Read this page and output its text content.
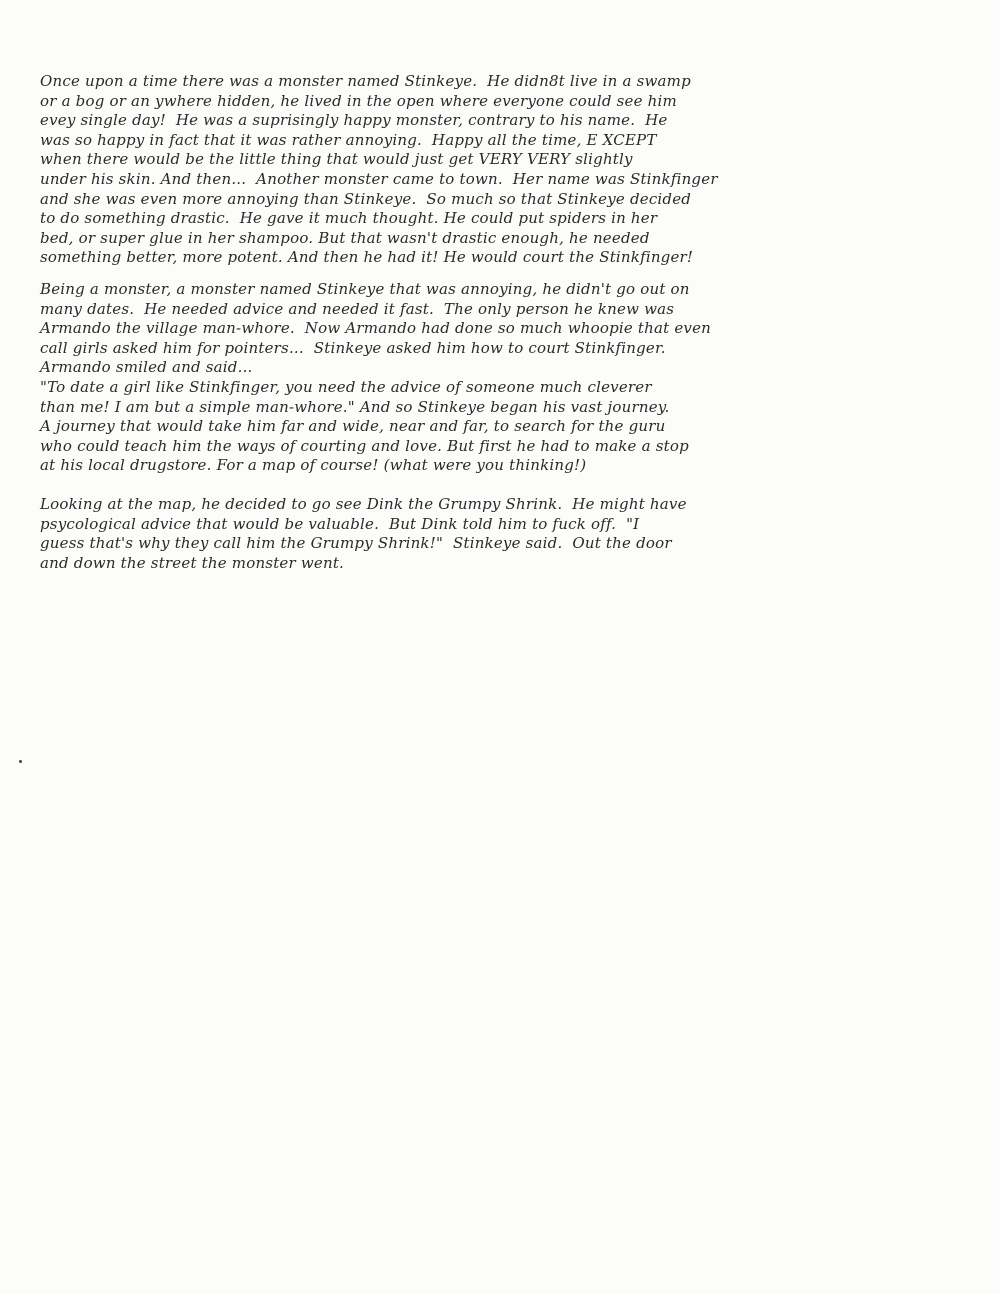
Once upon a time there was a monster named Stinkeye.  He didn8t live in a swamp
or a bog or an ywhere hidden, he lived in the open where everyone could see him
evey single day!  He was a suprisingly happy monster, contrary to his name.  He
was so happy in fact that it was rather annoying.  Happy all the time, E XCEPT
when there would be the little thing that would just get VERY VERY slightly
under his skin. And then...  Another monster came to town.  Her name was Stinkfinger
and she was even more annoying than Stinkeye.  So much so that Stinkeye decided
to do something drastic.  He gave it much thought. He could put spiders in her
bed, or super glue in her shampoo. But that wasn't drastic enough, he needed
something better, more potent. And then he had it! He would court the Stinkfinger!
Being a monster, a monster named Stinkeye that was annoying, he didn't go out on
many dates.  He needed advice and needed it fast.  The only person he knew was
Armando the village man-whore.  Now Armando had done so much whoopie that even
call girls asked him for pointers...  Stinkeye asked him how to court Stinkfinger.
Armando smiled and said...
"To date a girl like Stinkfinger, you need the advice of someone much cleverer
than me! I am but a simple man-whore." And so Stinkeye began his vast journey.
A journey that would take him far and wide, near and far, to search for the guru
who could teach him the ways of courting and love. But first he had to make a stop
at his local drugstore. For a map of course! (what were you thinking!)
Looking at the map, he decided to go see Dink the Grumpy Shrink.  He might have
psycological advice that would be valuable.  But Dink told him to fuck off.  "I
guess that's why they call him the Grumpy Shrink!"  Stinkeye said.  Out the door
and down the street the monster went.
